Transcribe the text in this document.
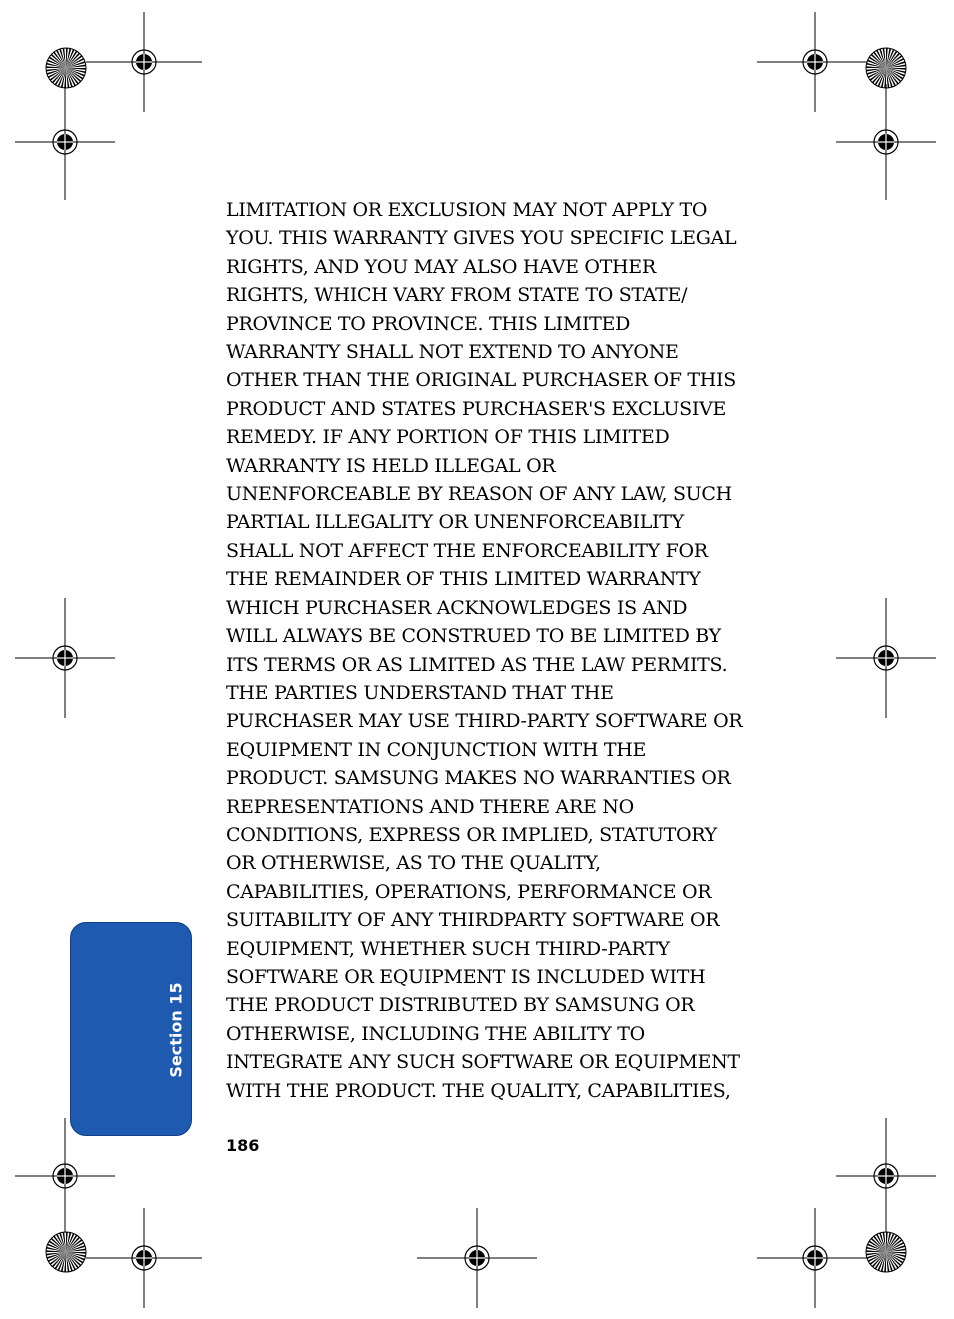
LIMITATION OR EXCLUSION MAY NOT APPLY TO
YOU. THIS WARRANTY GIVES YOU SPECIFIC LEGAL
RIGHTS, AND YOU MAY ALSO HAVE OTHER
RIGHTS, WHICH VARY FROM STATE TO STATE/
PROVINCE TO PROVINCE. THIS LIMITED
WARRANTY SHALL NOT EXTEND TO ANYONE
OTHER THAN THE ORIGINAL PURCHASER OF THIS
PRODUCT AND STATES PURCHASER'S EXCLUSIVE
REMEDY. IF ANY PORTION OF THIS LIMITED
WARRANTY IS HELD ILLEGAL OR
UNENFORCEABLE BY REASON OF ANY LAW, SUCH
PARTIAL ILLEGALITY OR UNENFORCEABILITY
SHALL NOT AFFECT THE ENFORCEABILITY FOR
THE REMAINDER OF THIS LIMITED WARRANTY
WHICH PURCHASER ACKNOWLEDGES IS AND
WILL ALWAYS BE CONSTRUED TO BE LIMITED BY
ITS TERMS OR AS LIMITED AS THE LAW PERMITS.
THE PARTIES UNDERSTAND THAT THE
PURCHASER MAY USE THIRD-PARTY SOFTWARE OR
EQUIPMENT IN CONJUNCTION WITH THE
PRODUCT. SAMSUNG MAKES NO WARRANTIES OR
REPRESENTATIONS AND THERE ARE NO
CONDITIONS, EXPRESS OR IMPLIED, STATUTORY
OR OTHERWISE, AS TO THE QUALITY,
CAPABILITIES, OPERATIONS, PERFORMANCE OR
SUITABILITY OF ANY THIRDPARTY SOFTWARE OR
EQUIPMENT, WHETHER SUCH THIRD-PARTY
SOFTWARE OR EQUIPMENT IS INCLUDED WITH
THE PRODUCT DISTRIBUTED BY SAMSUNG OR
OTHERWISE, INCLUDING THE ABILITY TO
INTEGRATE ANY SUCH SOFTWARE OR EQUIPMENT
WITH THE PRODUCT. THE QUALITY, CAPABILITIES,
Section 15
186
